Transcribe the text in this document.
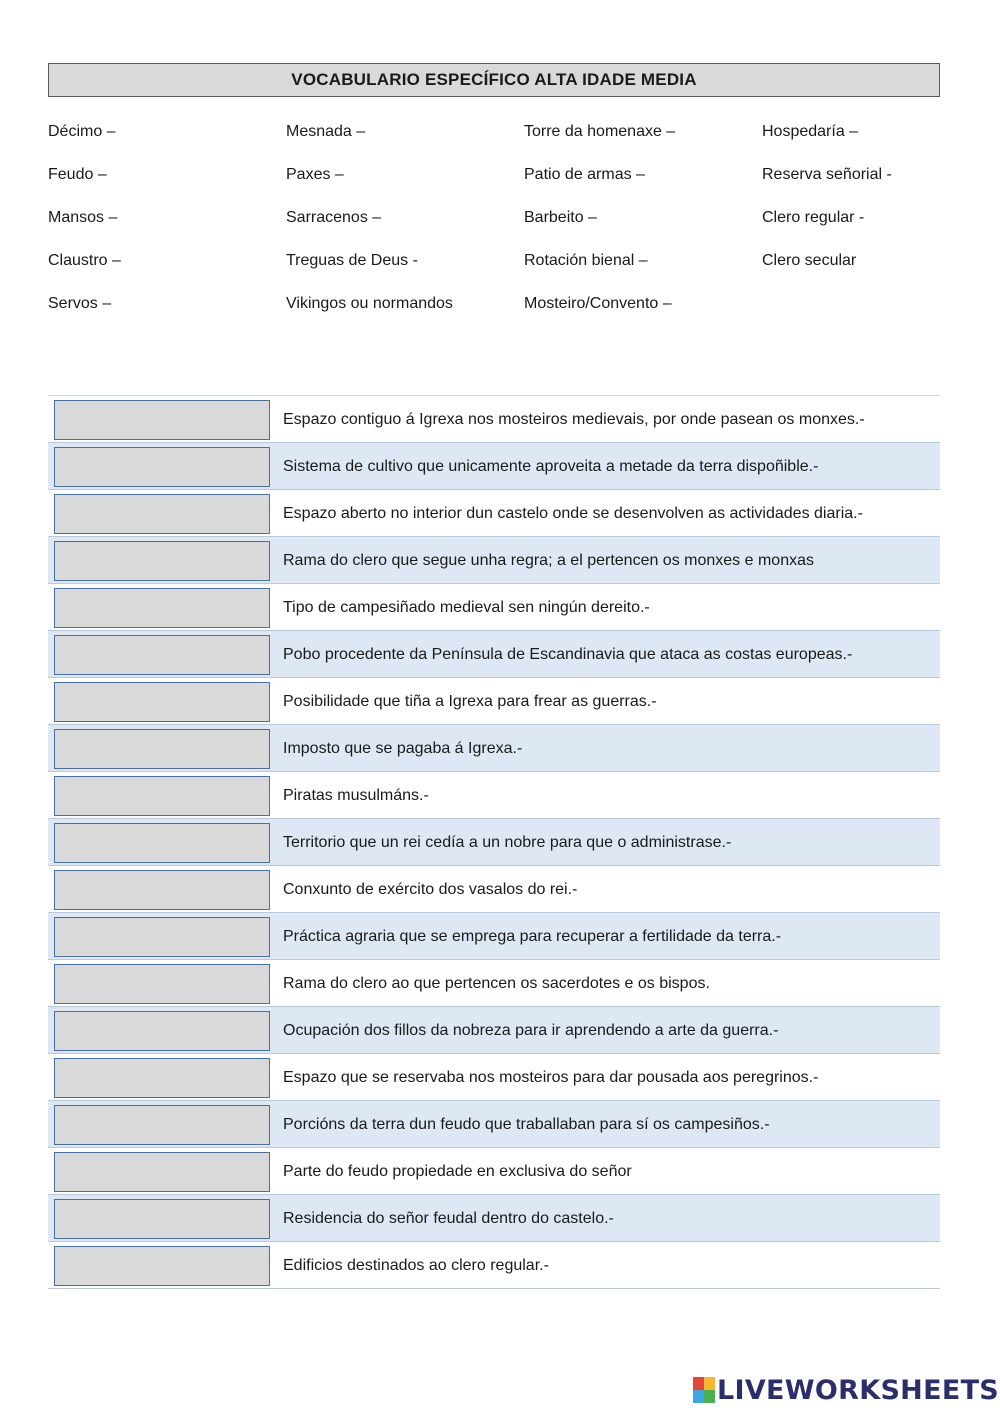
VOCABULARIO ESPECÍFICO ALTA IDADE MEDIA
Décimo –	Mesnada –	Torre da homenaxe –	Hospedaría –
Feudo –	Paxes –	Patio de armas –	Reserva señorial -
Mansos –	Sarracenos –	Barbeito –	Clero regular -
Claustro –	Treguas de Deus -	Rotación bienal –	Clero secular
Servos –	Vikingos ou normandos	Mosteiro/Convento –
Espazo contiguo á Igrexa nos mosteiros medievais, por onde pasean os monxes.-
Sistema de cultivo que unicamente aproveita a metade da terra dispoñible.-
Espazo aberto no interior dun castelo onde se desenvolven as actividades diaria.-
Rama do clero que segue unha regra; a el pertencen os monxes e monxas
Tipo de campesiñado medieval sen ningún dereito.-
Pobo procedente da Península de Escandinavia que ataca as costas europeas.-
Posibilidade que tiña a Igrexa para frear as guerras.-
Imposto que se pagaba á Igrexa.-
Piratas musulmáns.-
Territorio que un rei cedía a un nobre para que o administrase.-
Conxunto de exército dos vasalos do rei.-
Práctica agraria que se emprega para recuperar a fertilidade da terra.-
Rama do clero ao que pertencen os sacerdotes e os bispos.
Ocupación dos fillos da nobreza para ir aprendendo a arte da guerra.-
Espazo que se reservaba nos mosteiros para dar pousada aos peregrinos.-
Porcións da terra dun feudo que traballaban para sí os campesiños.-
Parte do feudo propiedade en exclusiva do señor
Residencia do señor feudal dentro do castelo.-
Edificios destinados ao clero regular.-
LIVEWORKSHEETS
